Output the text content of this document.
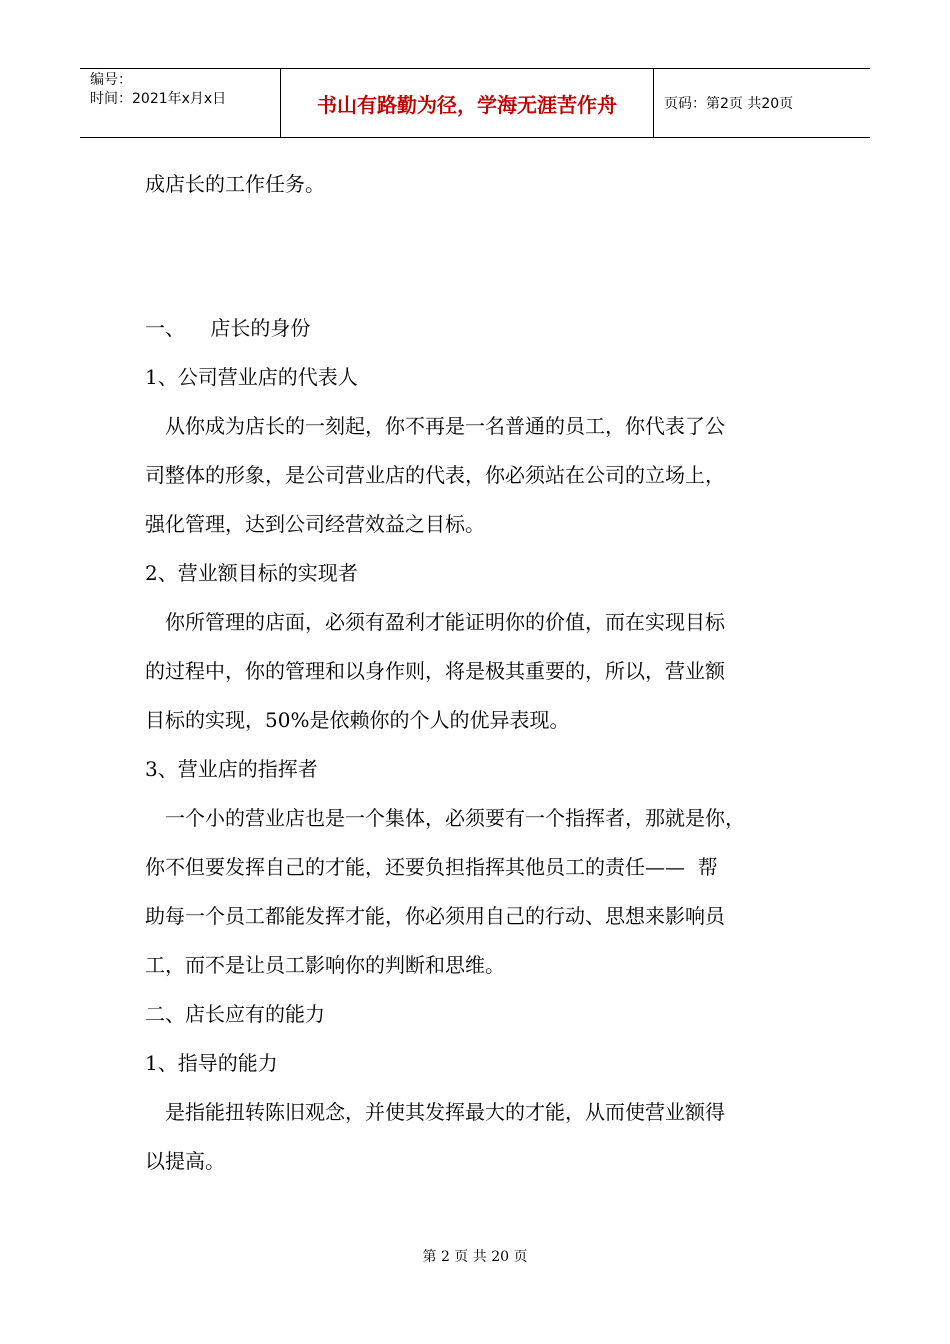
编号：
时间：2021年x月x日	书山有路勤为径，学海无涯苦作舟	页码：第2页 共20页

成店长的工作任务。

一、    店长的身份

1、公司营业店的代表人

从你成为店长的一刻起，你不再是一名普通的员工，你代表了公

司整体的形象，是公司营业店的代表，你必须站在公司的立场上，

强化管理，达到公司经营效益之目标。

2、营业额目标的实现者

你所管理的店面，必须有盈利才能证明你的价值，而在实现目标

的过程中，你的管理和以身作则，将是极其重要的，所以，营业额

目标的实现，50%是依赖你的个人的优异表现。

3、营业店的指挥者

一个小的营业店也是一个集体，必须要有一个指挥者，那就是你，

你不但要发挥自己的才能，还要负担指挥其他员工的责任——  帮

助每一个员工都能发挥才能，你必须用自己的行动、思想来影响员

工，而不是让员工影响你的判断和思维。

二、店长应有的能力

1、指导的能力

是指能扭转陈旧观念，并使其发挥最大的才能，从而使营业额得

以提高。

第 2 页 共 20 页
